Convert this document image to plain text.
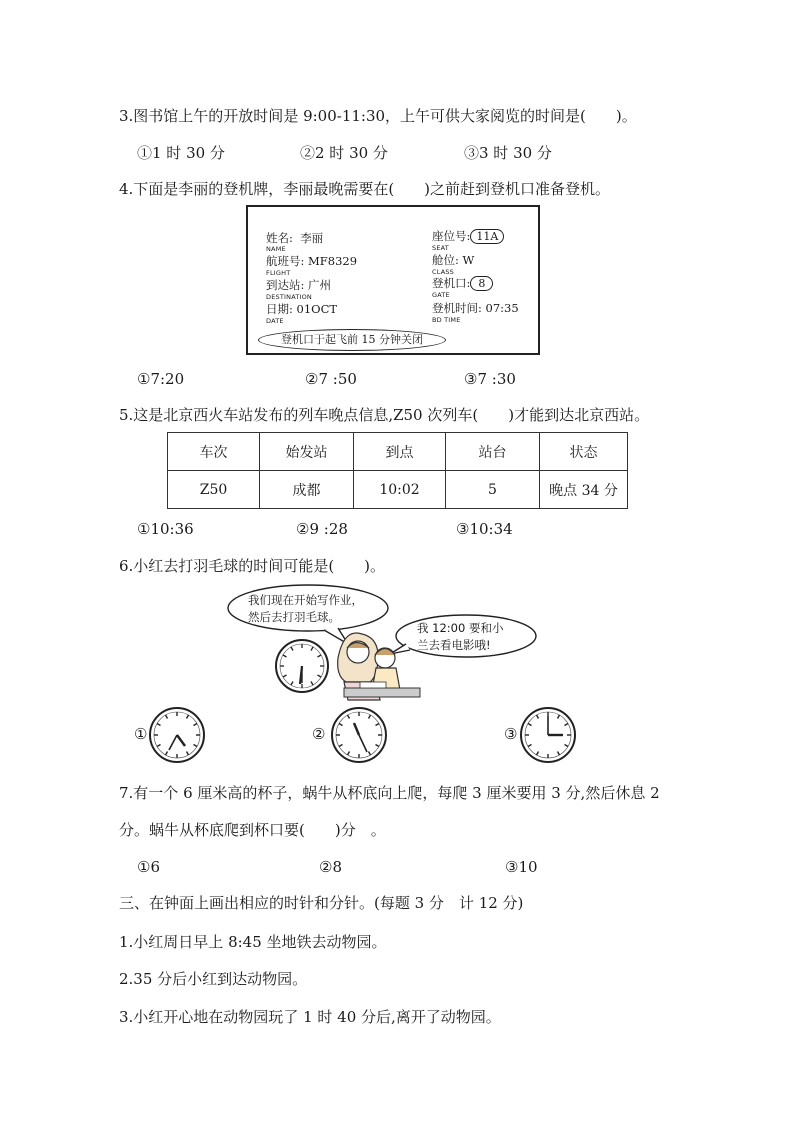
3.图书馆上午的开放时间是 9:00-11:30，上午可供大家阅览的时间是(　　)。
①1 时 30 分	②2 时 30 分	③3 时 30 分
4.下面是李丽的登机牌，李丽最晚需要在(　　)之前赶到登机口准备登机。
姓名: 李丽
NAME
航班号: MF8329
FLIGHT
到达站: 广州
DESTINATION
日期: 01OCT
DATE
座位号: 11A
SEAT
舱位: W
CLASS
登机口: 8
GATE
登机时间: 07:35
BD TIME
登机口于起飞前 15 分钟关闭
①7:20	②7 :50	③7 :30
5.这是北京西火车站发布的列车晚点信息,Z50 次列车(　　)才能到达北京西站。
车次	始发站	到点	站台	状态
Z50	成都	10:02	5	晚点 34 分
①10:36	②9 :28	③10:34
6.小红去打羽毛球的时间可能是(　　)。
我们现在开始写作业，
然后去打羽毛球。
我 12:00 要和小
兰去看电影哦!
①	②	③
7.有一个 6 厘米高的杯子，蜗牛从杯底向上爬，每爬 3 厘米要用 3 分,然后休息 2
分。蜗牛从杯底爬到杯口要(　　)分　。
①6	②8	③10
三、在钟面上画出相应的时针和分针。(每题 3 分　计 12 分)
1.小红周日早上 8:45 坐地铁去动物园。
2.35 分后小红到达动物园。
3.小红开心地在动物园玩了 1 时 40 分后,离开了动物园。
